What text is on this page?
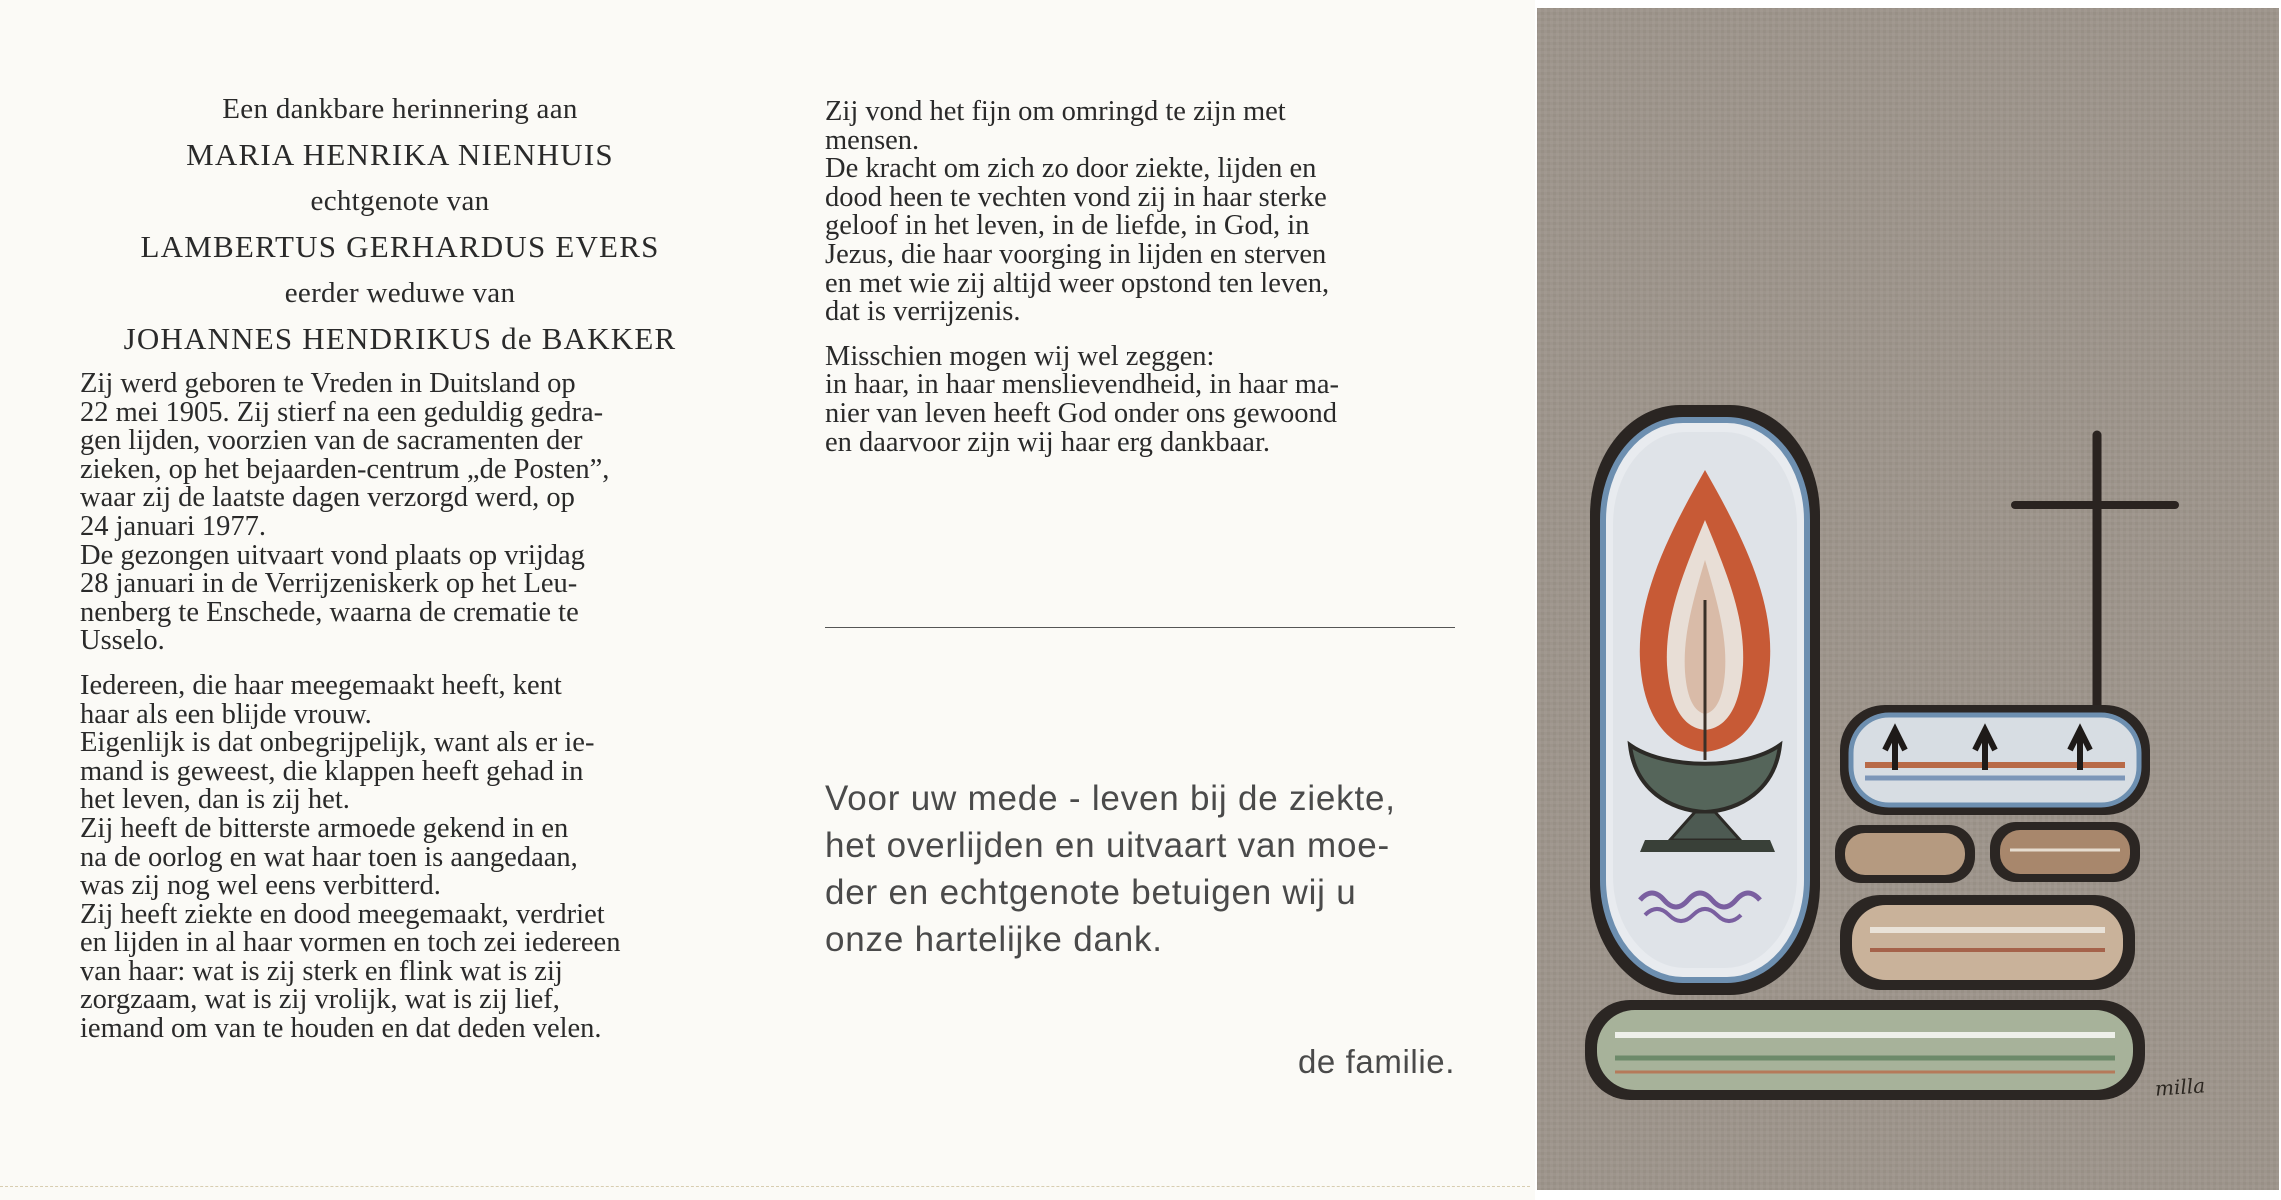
Een dankbare herinnering aan
MARIA HENRIKA NIENHUIS
echtgenote van
LAMBERTUS GERHARDUS EVERS
eerder weduwe van
JOHANNES HENDRIKUS de BAKKER

Zij werd geboren te Vreden in Duitsland op

22 mei 1905. Zij stierf na een geduldig gedra-

gen lijden, voorzien van de sacramenten der

zieken, op het bejaarden-centrum „de Posten”,

waar zij de laatste dagen verzorgd werd, op

24 januari 1977.

De gezongen uitvaart vond plaats op vrijdag

28 januari in de Verrijzeniskerk op het Leu-

nenberg te Enschede, waarna de crematie te

Usselo.

Iedereen, die haar meegemaakt heeft, kent

haar als een blijde vrouw.

Eigenlijk is dat onbegrijpelijk, want als er ie-

mand is geweest, die klappen heeft gehad in

het leven, dan is zij het.

Zij heeft de bitterste armoede gekend in en

na de oorlog en wat haar toen is aangedaan,

was zij nog wel eens verbitterd.

Zij heeft ziekte en dood meegemaakt, verdriet

en lijden in al haar vormen en toch zei iedereen

van haar: wat is zij sterk en flink wat is zij

zorgzaam, wat is zij vrolijk, wat is zij lief,

iemand om van te houden en dat deden velen.

Zij vond het fijn om omringd te zijn met

mensen.

De kracht om zich zo door ziekte, lijden en

dood heen te vechten vond zij in haar sterke

geloof in het leven, in de liefde, in God, in

Jezus, die haar voorging in lijden en sterven

en met wie zij altijd weer opstond ten leven,

dat is verrijzenis.

Misschien mogen wij wel zeggen:

in haar, in haar menslievendheid, in haar ma-

nier van leven heeft God onder ons gewoond

en daarvoor zijn wij haar erg dankbaar.

Voor uw mede - leven bij de ziekte,
het overlijden en uitvaart van moe-
der en echtgenote betuigen wij u
onze hartelijke dank.
de familie.
milla
